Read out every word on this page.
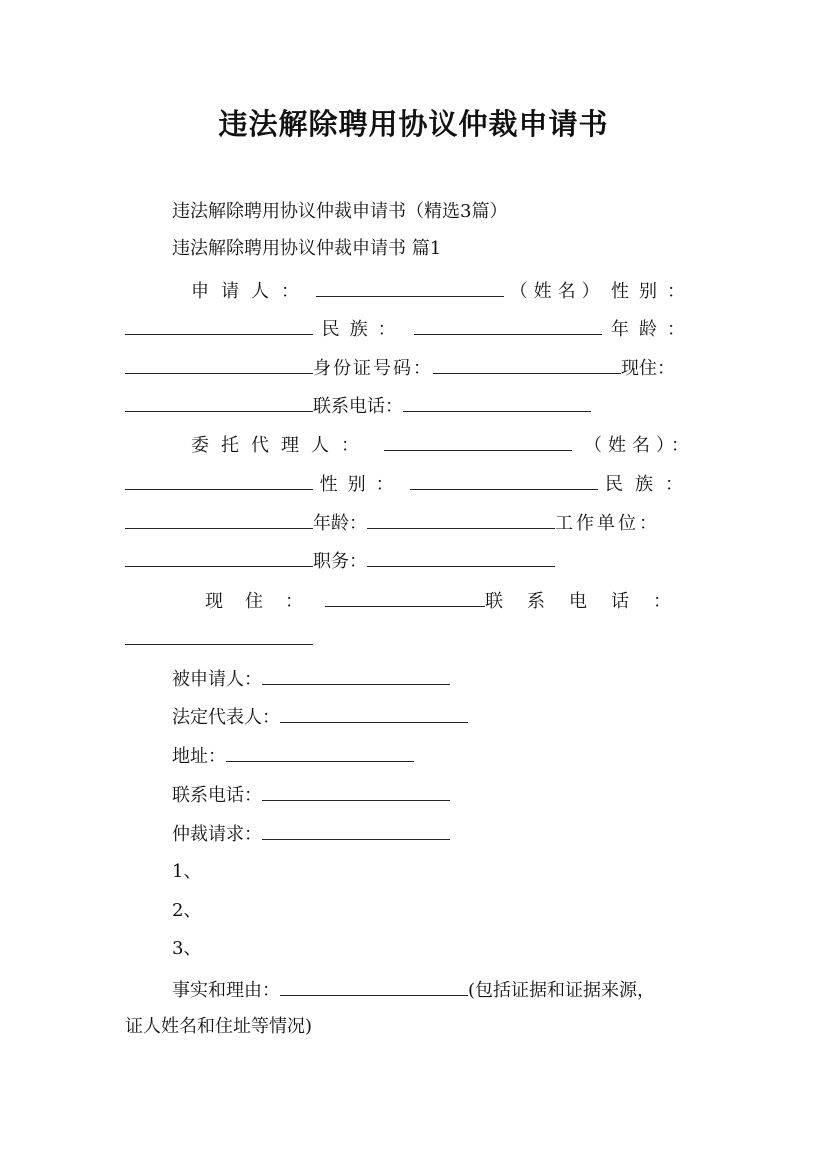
违法解除聘用协议仲裁申请书
违法解除聘用协议仲裁申请书（精选3篇）
违法解除聘用协议仲裁申请书 篇1
申请人：	（姓名） 性别：
民族：	年龄：
身份证号码：	现住：
联系电话：
委托代理人：	（姓名）：
性别：	民族：
年龄：	工作单位：
职务：
现住：	联系电话：
被申请人：
法定代表人：
地址：
联系电话：
仲裁请求：
1、
2、
3、
事实和理由：	(包括证据和证据来源，
证人姓名和住址等情况)
